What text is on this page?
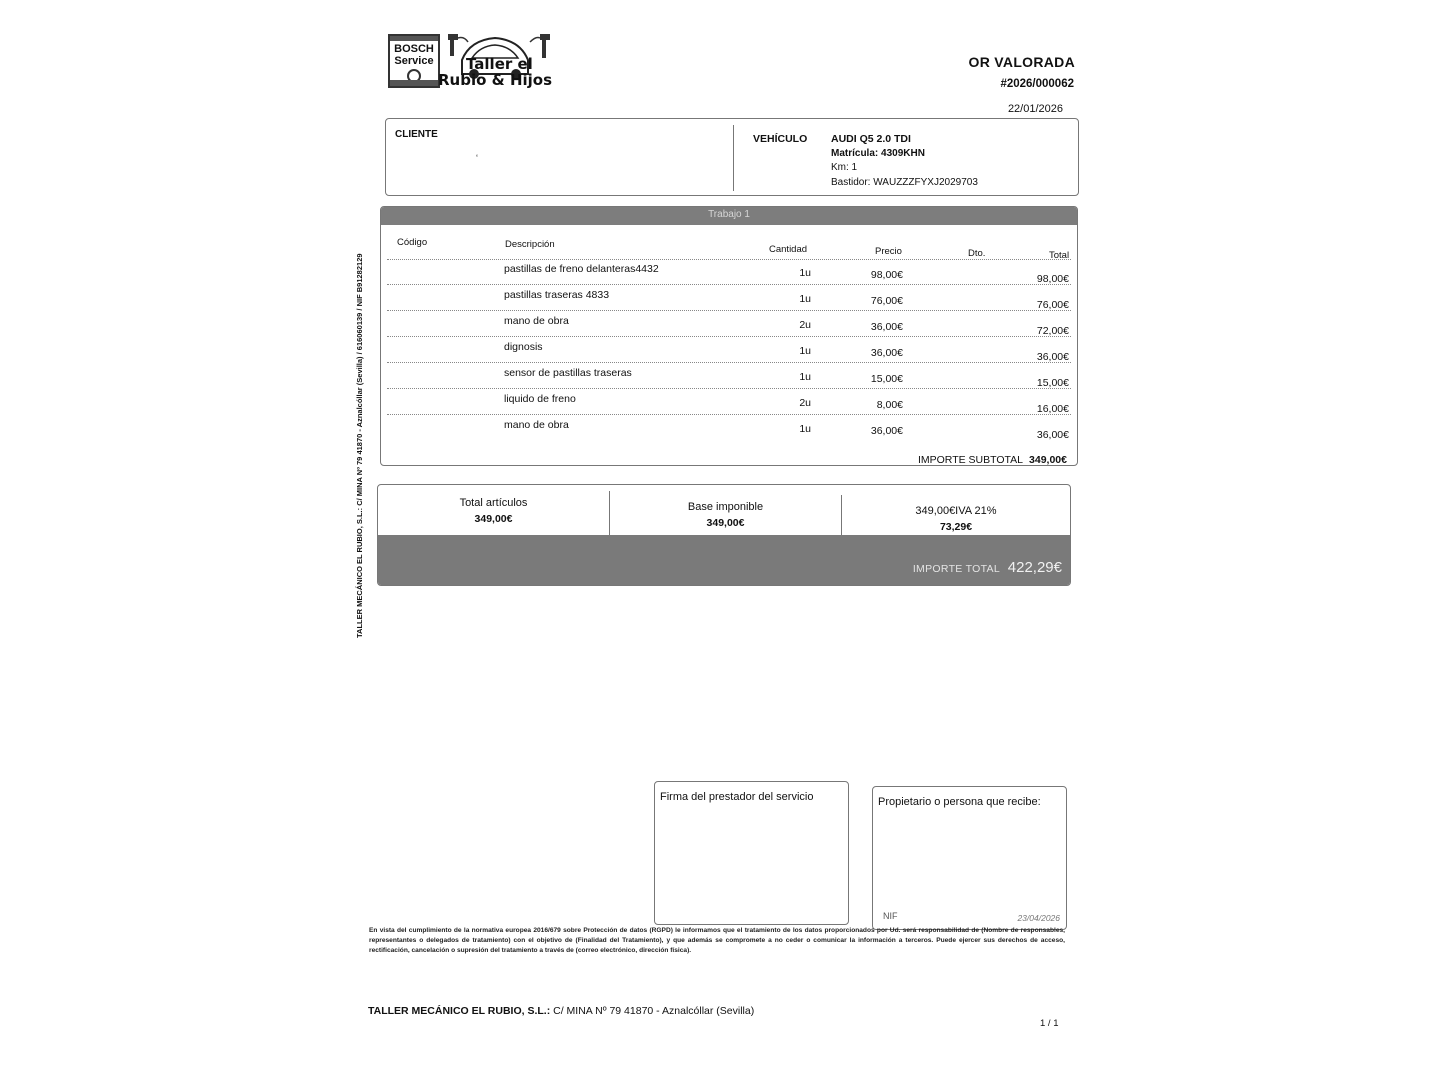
BOSCH
Service	Taller el
Rubio & Hijos
OR VALORADA
#2026/000062
22/01/2026
TALLER MECÁNICO EL RUBIO, S.L.: C/ MINA Nº 79 41870 - Aznalcóllar (Sevilla) / 616060139 / NIF B91282129
CLIENTE
‘
VEHÍCULO AUDI Q5 2.0 TDI
Matrícula: 4309KHN
Km: 1
Bastidor: WAUZZZFYXJ2029703
Trabajo 1
Código	Descripción	Cantidad	Precio	Dto.	Total
pastillas de freno delanteras4432	1u	98,00€	98,00€
pastillas traseras 4833	1u	76,00€	76,00€
mano de obra	2u	36,00€	72,00€
dignosis	1u	36,00€	36,00€
sensor de pastillas traseras	1u	15,00€	15,00€
liquido de freno	2u	8,00€	16,00€
mano de obra	1u	36,00€	36,00€
IMPORTE SUBTOTAL 349,00€
Total artículos
349,00€
Base imponible
349,00€
349,00€IVA 21%
73,29€
IMPORTE TOTAL 422,29€
Firma del prestador del servicio	Propietario o persona que recibe:
NIF	23/04/2026
En vista del cumplimiento de la normativa europea 2016/679 sobre Protección de datos (RGPD) le informamos que el tratamiento de los datos proporcionados por Ud. será responsabilidad de (Nombre de responsables, representantes o delegados de tratamiento) con el objetivo de (Finalidad del Tratamiento), y que además se compromete a no ceder o comunicar la información a terceros. Puede ejercer sus derechos de acceso, rectificación, cancelación o supresión del tratamiento a través de (correo electrónico, dirección física).
TALLER MECÁNICO EL RUBIO, S.L.: C/ MINA Nº 79 41870 - Aznalcóllar (Sevilla)
1 / 1
